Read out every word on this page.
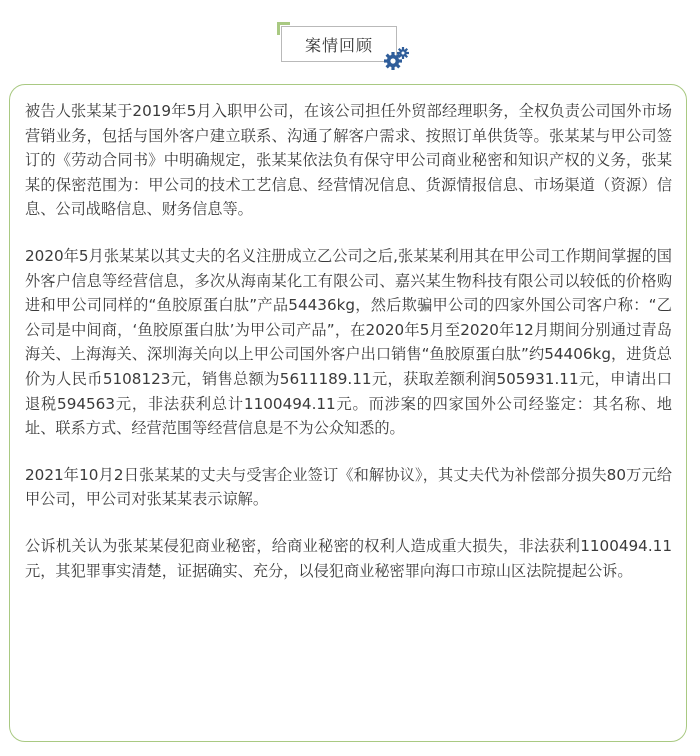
案情回顾

被告人张某某于2019年5月入职甲公司，在该公司担任外贸部经理职务，全权负责公司国外市场营销业务，包括与国外客户建立联系、沟通了解客户需求、按照订单供货等。张某某与甲公司签订的《劳动合同书》中明确规定，张某某依法负有保守甲公司商业秘密和知识产权的义务，张某某的保密范围为：甲公司的技术工艺信息、经营情况信息、货源情报信息、市场渠道（资源）信息、公司战略信息、财务信息等。

2020年5月张某某以其丈夫的名义注册成立乙公司之后,张某某利用其在甲公司工作期间掌握的国外客户信息等经营信息，多次从海南某化工有限公司、嘉兴某生物科技有限公司以较低的价格购进和甲公司同样的“鱼胶原蛋白肽”产品54436kg，然后欺骗甲公司的四家外国公司客户称：“乙公司是中间商，‘鱼胶原蛋白肽’为甲公司产品”，在2020年5月至2020年12月期间分别通过青岛海关、上海海关、深圳海关向以上甲公司国外客户出口销售“鱼胶原蛋白肽”约54406kg，进货总价为人民币5108123元，销售总额为5611189.11元，获取差额利润505931.11元，申请出口退税594563元，非法获利总计1100494.11元。而涉案的四家国外公司经鉴定：其名称、地址、联系方式、经营范围等经营信息是不为公众知悉的。

2021年10月2日张某某的丈夫与受害企业签订《和解协议》，其丈夫代为补偿部分损失80万元给甲公司，甲公司对张某某表示谅解。

公诉机关认为张某某侵犯商业秘密，给商业秘密的权利人造成重大损失，非法获利1100494.11元，其犯罪事实清楚，证据确实、充分，以侵犯商业秘密罪向海口市琼山区法院提起公诉。
